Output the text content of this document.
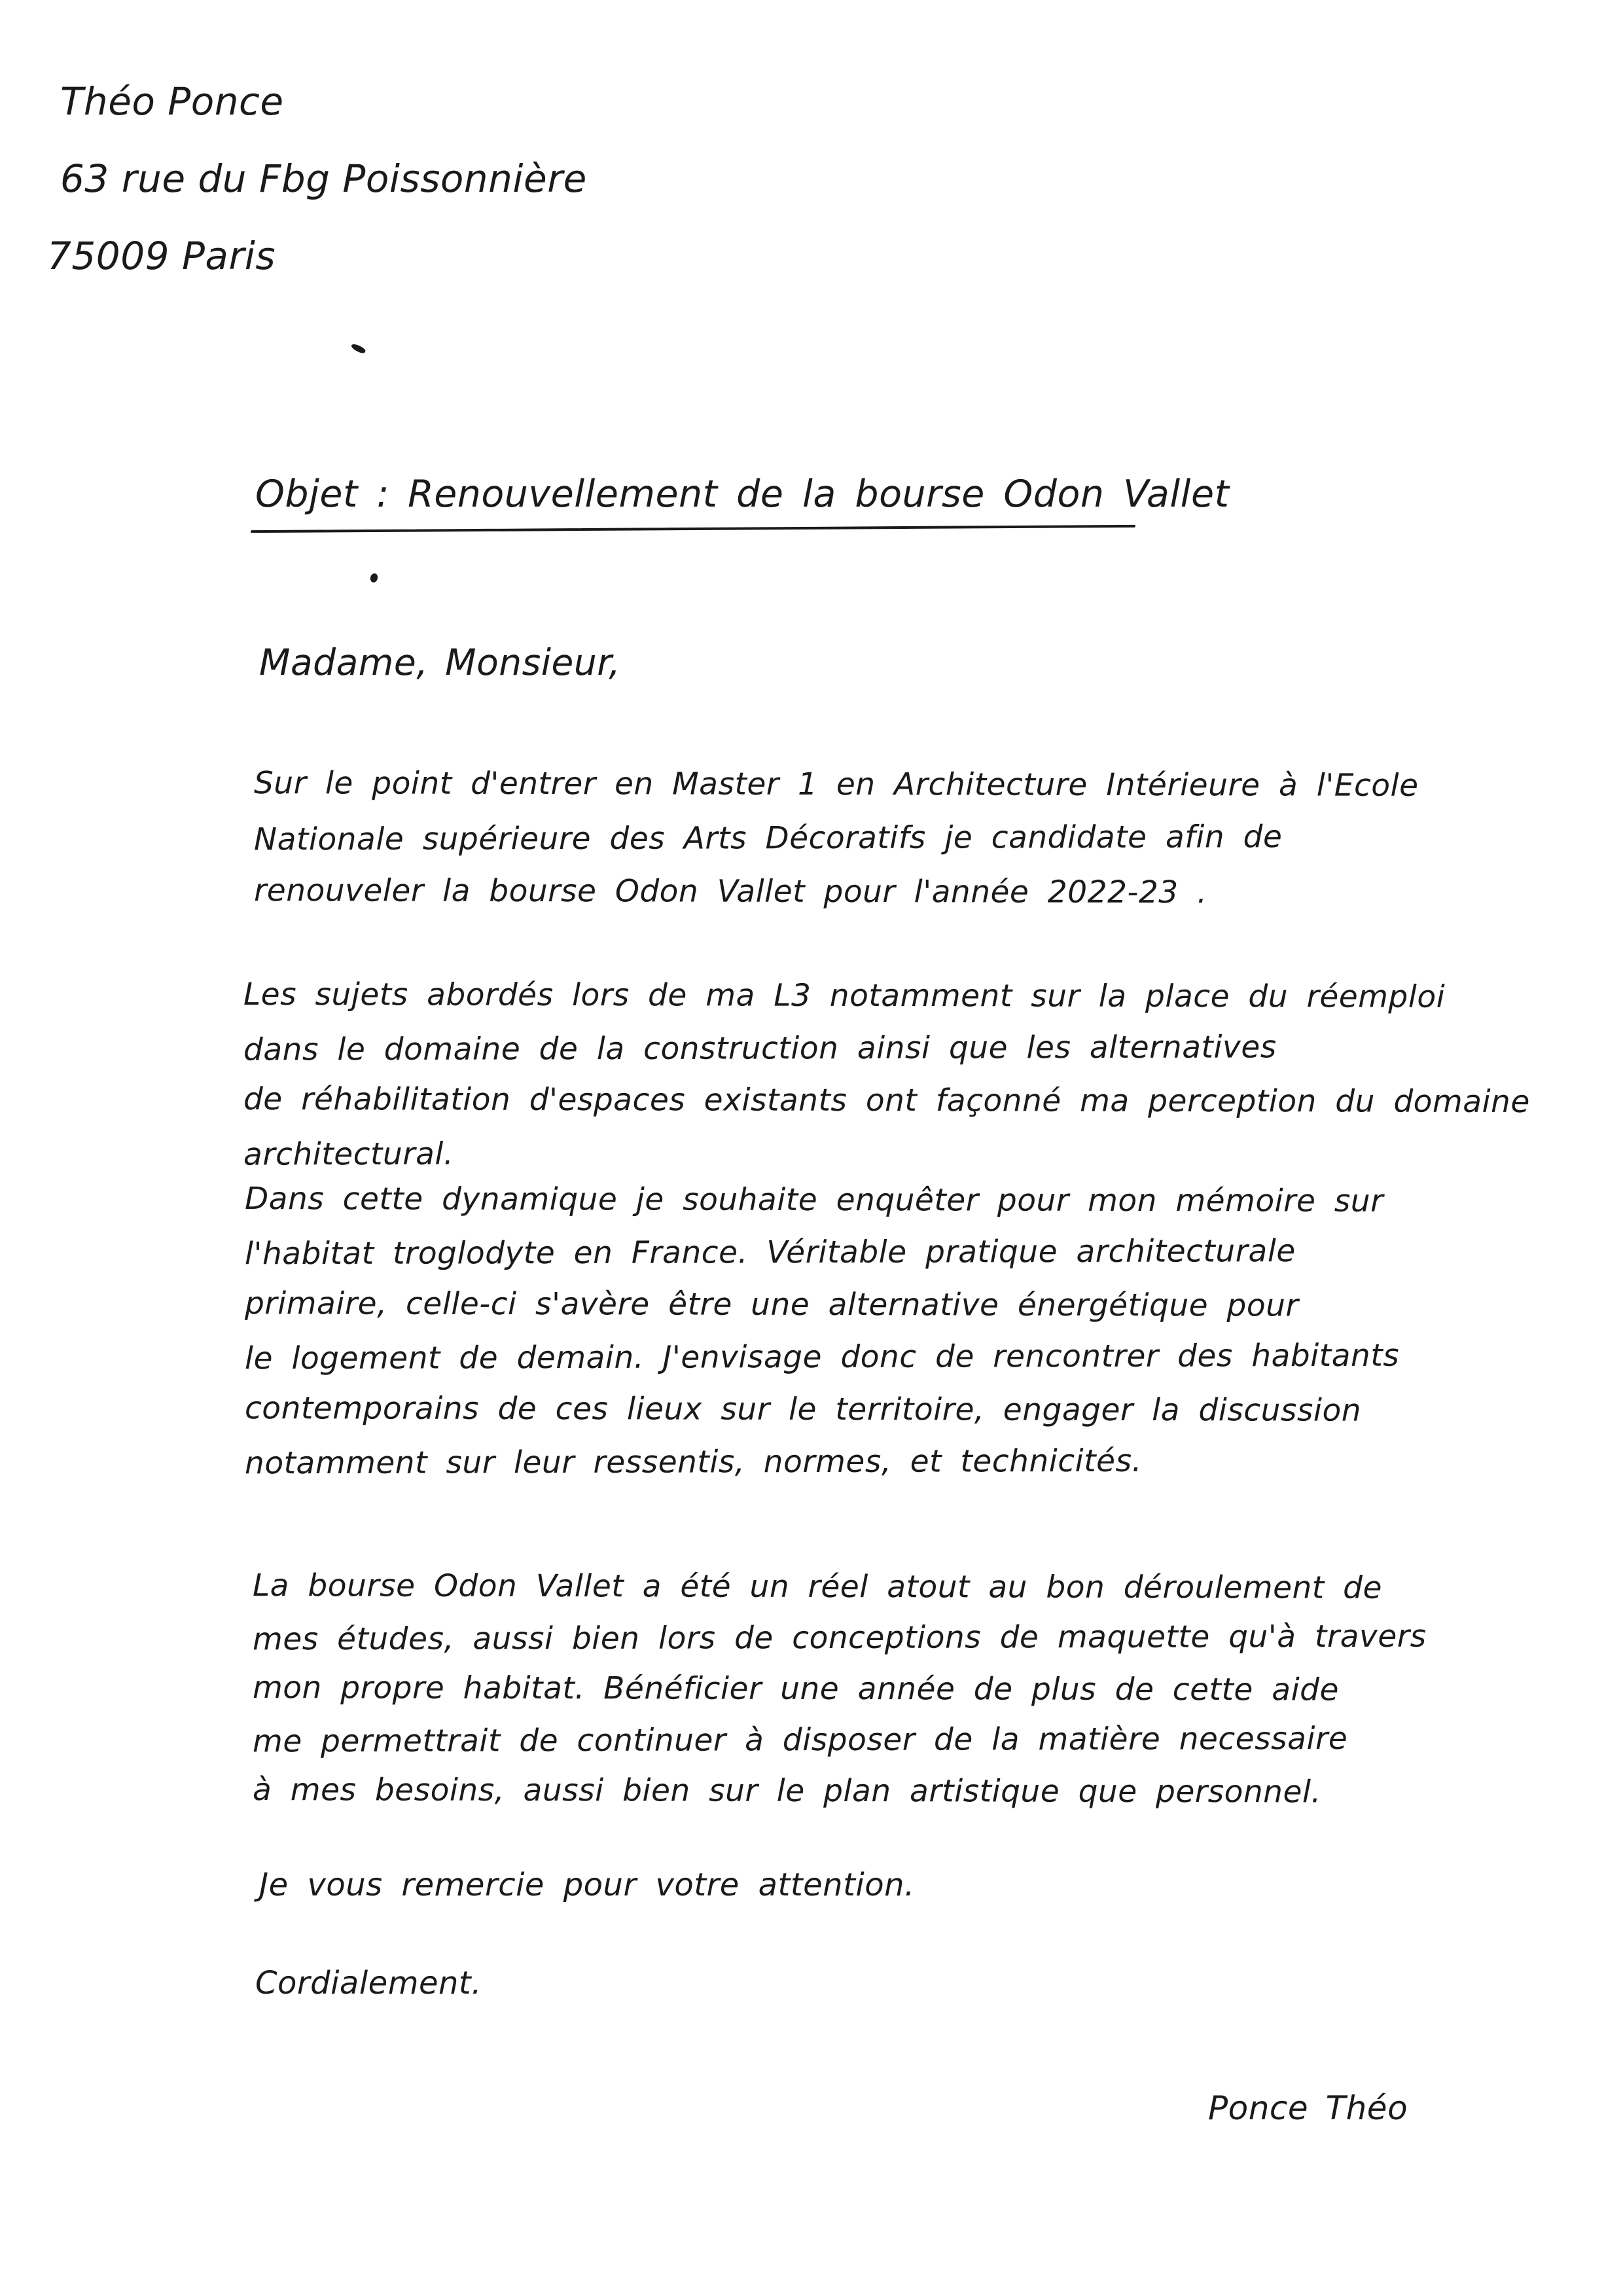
Théo Ponce
63 rue du Fbg Poissonnière
75009 Paris
Objet : Renouvellement de la bourse Odon Vallet
Madame, Monsieur,
Sur le point d'entrer en Master 1 en Architecture Intérieure à l'Ecole
Nationale supérieure des Arts Décoratifs je candidate afin de
renouveler la bourse Odon Vallet pour l'année 2022-23 .
Les sujets abordés lors de ma L3 notamment sur la place du réemploi
dans le domaine de la construction ainsi que les alternatives
de réhabilitation d'espaces existants ont façonné ma perception du domaine
architectural.
Dans cette dynamique je souhaite enquêter pour mon mémoire sur
l'habitat troglodyte en France. Véritable pratique architecturale
primaire, celle-ci s'avère être une alternative énergétique pour
le logement de demain. J'envisage donc de rencontrer des habitants
contemporains de ces lieux sur le territoire, engager la discussion
notamment sur leur ressentis, normes, et technicités.
La bourse Odon Vallet a été un réel atout au bon déroulement de
mes études, aussi bien lors de conceptions de maquette qu'à travers
mon propre habitat. Bénéficier une année de plus de cette aide
me permettrait de continuer à disposer de la matière necessaire
à mes besoins, aussi bien sur le plan artistique que personnel.
Je vous remercie pour votre attention.
Cordialement.
Ponce Théo
